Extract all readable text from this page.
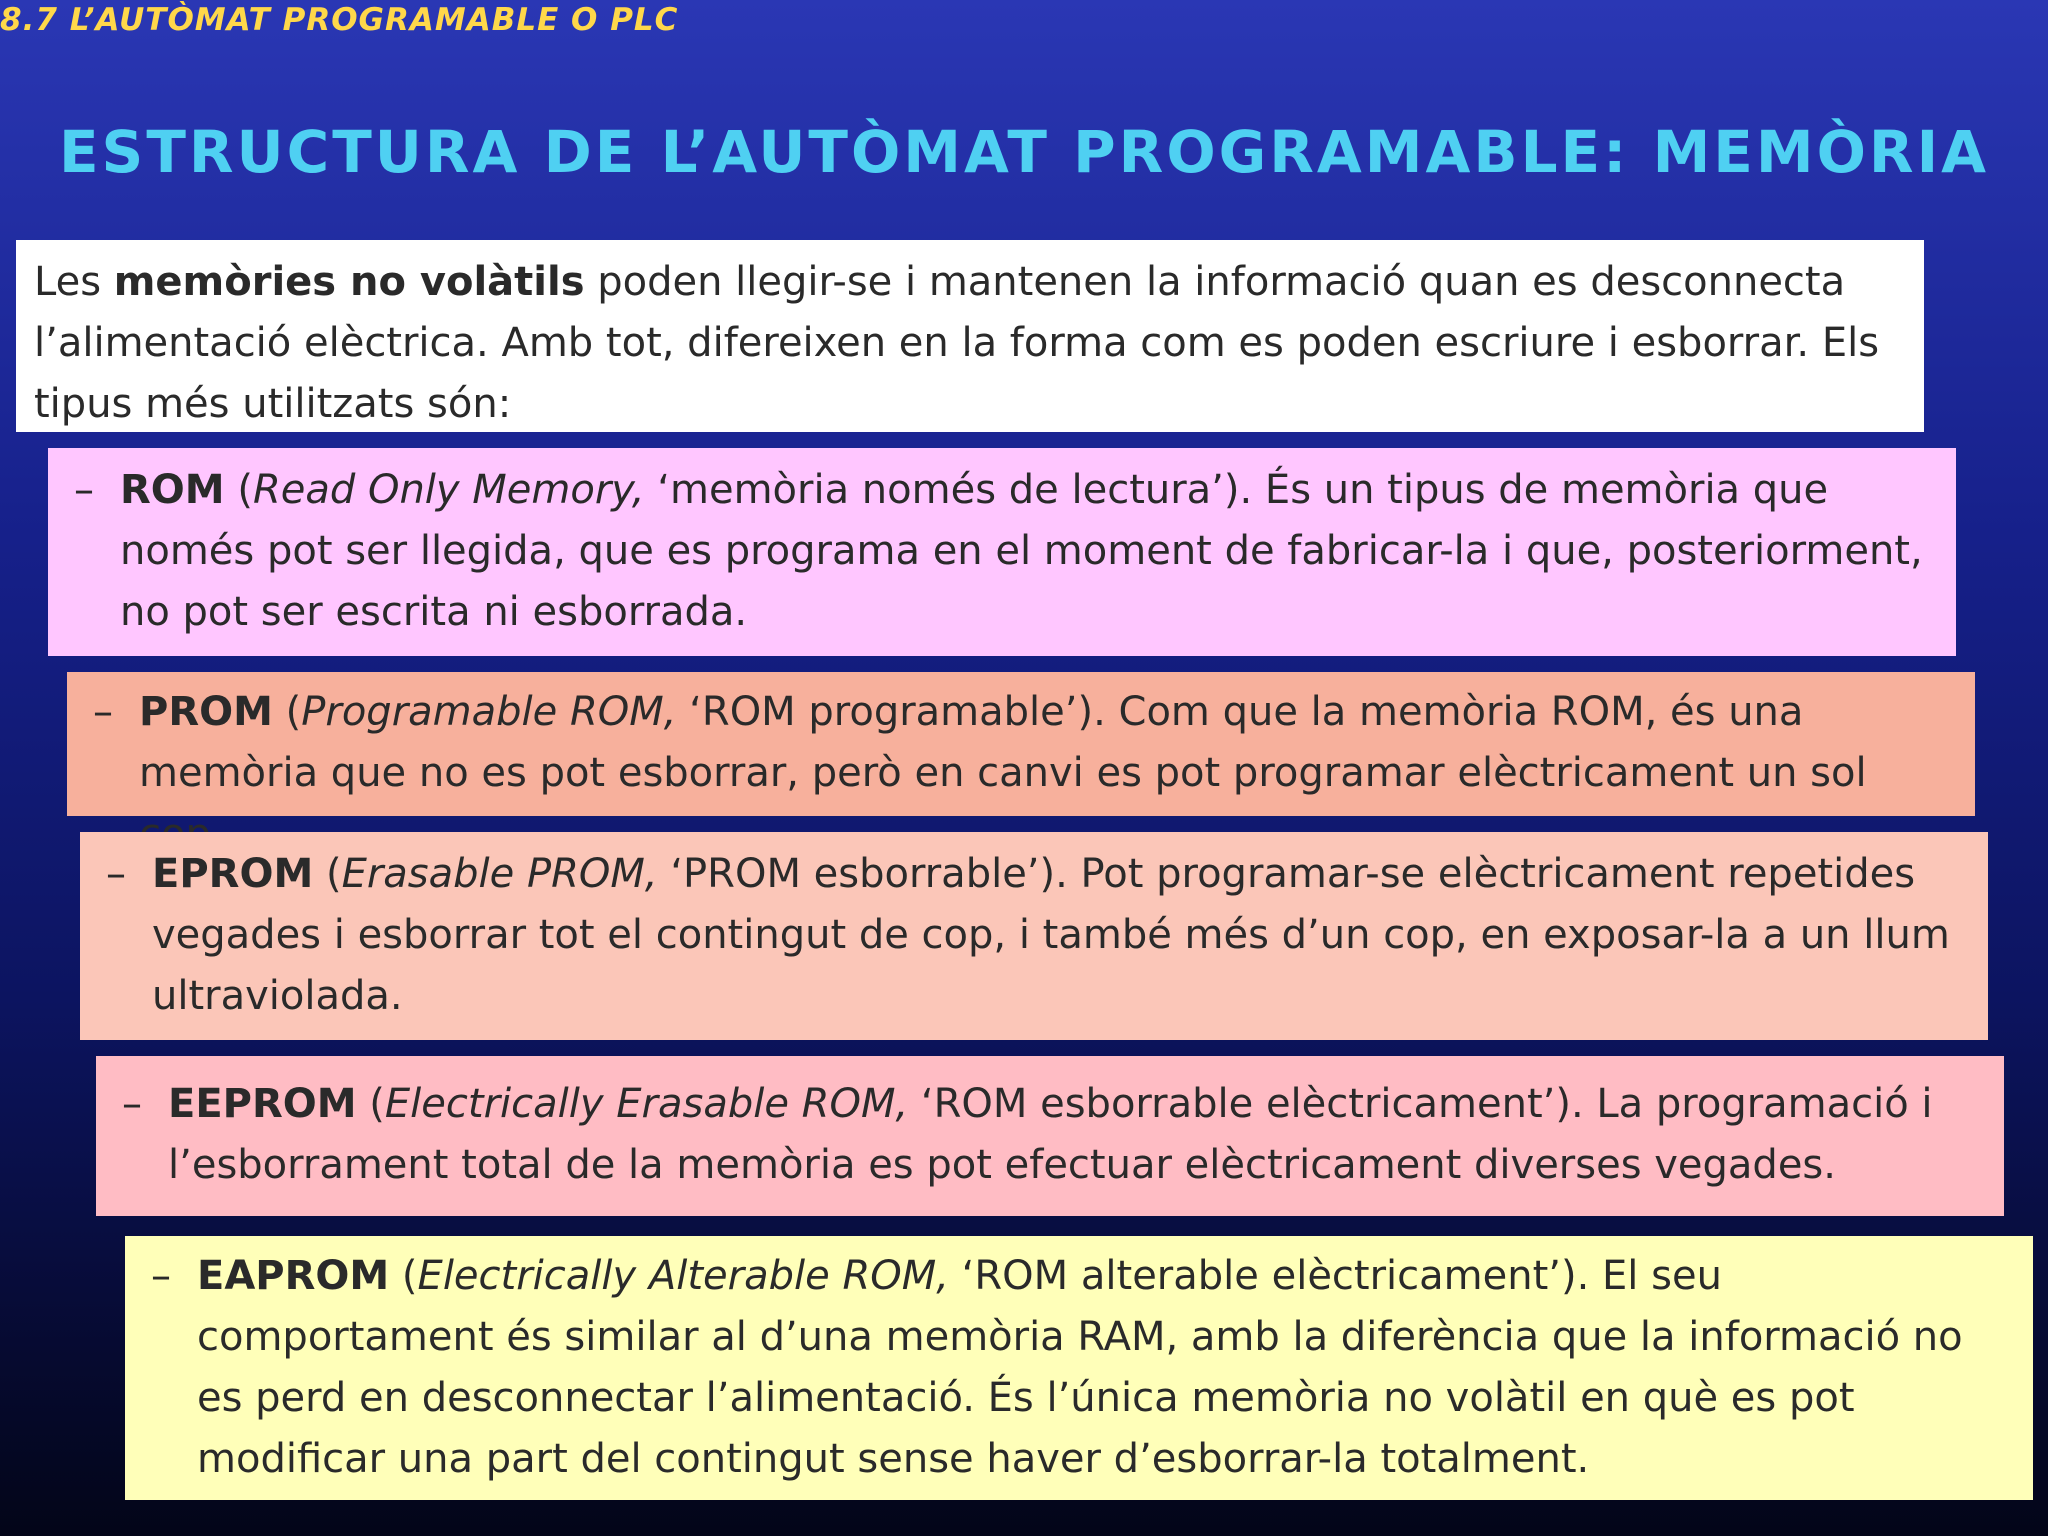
8.7 L’AUTÒMAT PROGRAMABLE O PLC
ESTRUCTURA DE L’AUTÒMAT PROGRAMABLE: MEMÒRIA
Les memòries no volàtils poden llegir-se i mantenen la informació quan es desconnecta l’alimentació elèctrica. Amb tot, difereixen en la forma com es poden escriure i esborrar. Els tipus més utilitzats són:
– ROM (Read Only Memory, ‘memòria només de lectura’). És un tipus de memòria que només pot ser llegida, que es programa en el moment de fabricar-la i que, posteriorment, no pot ser escrita ni esborrada.
– PROM (Programable ROM, ‘ROM programable’). Com que la memòria ROM, és una memòria que no es pot esborrar, però en canvi es pot programar elèctricament un sol
– EPROM (Erasable PROM, ‘PROM esborrable’). Pot programar-se elèctricament repetides vegades i esborrar tot el contingut de cop, i també més d’un cop, en exposar-la a un llum ultraviolada.
– EEPROM (Electrically Erasable ROM, ‘ROM esborrable elèctricament’). La programació i l’esborrament total de la memòria es pot efectuar elèctricament diverses vegades.
– EAPROM (Electrically Alterable ROM, ‘ROM alterable elèctricament’). El seu comportament és similar al d’una memòria RAM, amb la diferència que la informació no es perd en desconnectar l’alimentació. És l’única memòria no volàtil en què es pot modificar una part del contingut sense haver d’esborrar-la totalment.
